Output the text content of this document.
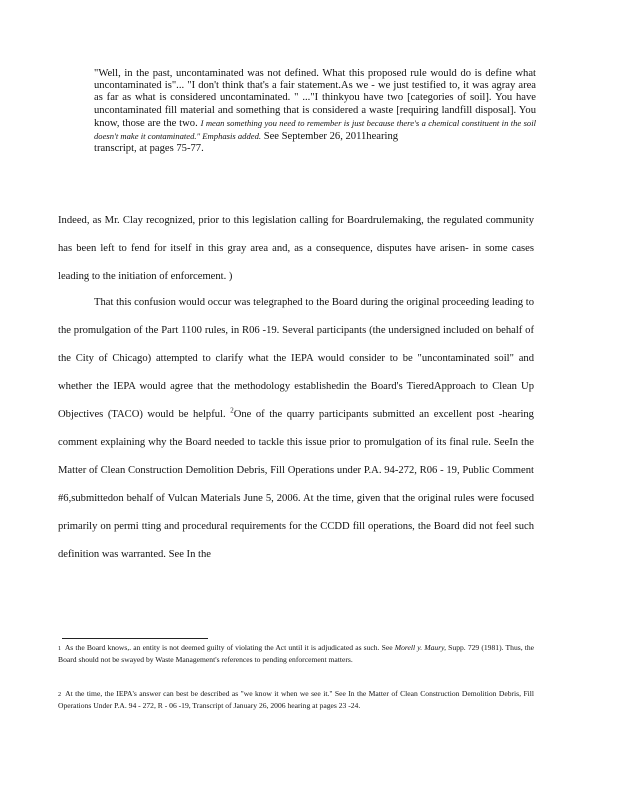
"Well, in the past, uncontaminated was not defined. What this proposed rule would do is define what uncontaminated is"... "I don't think that's a fair statement.As we - we just testified to, it was agray area as far as what is considered uncontaminated. " ..."I thinkyou have two [categories of soil]. You have uncontaminated fill material and something that is considered a waste [requiring landfill disposal]. You know, those are the two. I mean something you need to remember is just because there's a chemical constituent in the soil doesn't make it contaminated." Emphasis added. See September 26, 2011hearing
transcript, at pages 75-77.
Indeed, as Mr. Clay recognized, prior to this legislation calling for Boardrulemaking, the regulated community has been left to fend for itself in this gray area and, as a consequence, disputes have arisen- in some cases leading to the initiation of enforcement. )
That this confusion would occur was telegraphed to the Board during the original proceeding leading to the promulgation of the Part 1100 rules, in R06 -19. Several participants (the undersigned included on behalf of the City of Chicago) attempted to clarify what the IEPA would consider to be "uncontaminated soil" and whether the IEPA would agree that the methodology establishedin the Board's TieredApproach to Clean Up Objectives (TACO) would be helpful. $^2$One of the quarry participants submitted an excellent post -hearing comment explaining why the Board needed to tackle this issue prior to promulgation of its final rule. SeeIn the Matter of Clean Construction Demolition Debris, Fill Operations under P.A. 94-272, R06 - 19, Public Comment #6,submittedon behalf of Vulcan Materials June 5, 2006. At the time, given that the original rules were focused primarily on permi tting and procedural requirements for the CCDD fill operations, the Board did not feel such definition was warranted. See In the
1 As the Board knows,. an entity is not deemed guilty of violating the Act until it is adjudicated as such. See Morell y. Maury, Supp. 729 (1981). Thus, the Board should not be swayed by Waste Management's references to pending enforcement matters.
2 At the time, the IEPA's answer can best be described as "we know it when we see it." See In the Matter of Clean Construction Demolition Debris, Fill Operations Under P.A. 94 - 272, R - 06 -19, Transcript of January 26, 2006 hearing at pages 23 -24.
